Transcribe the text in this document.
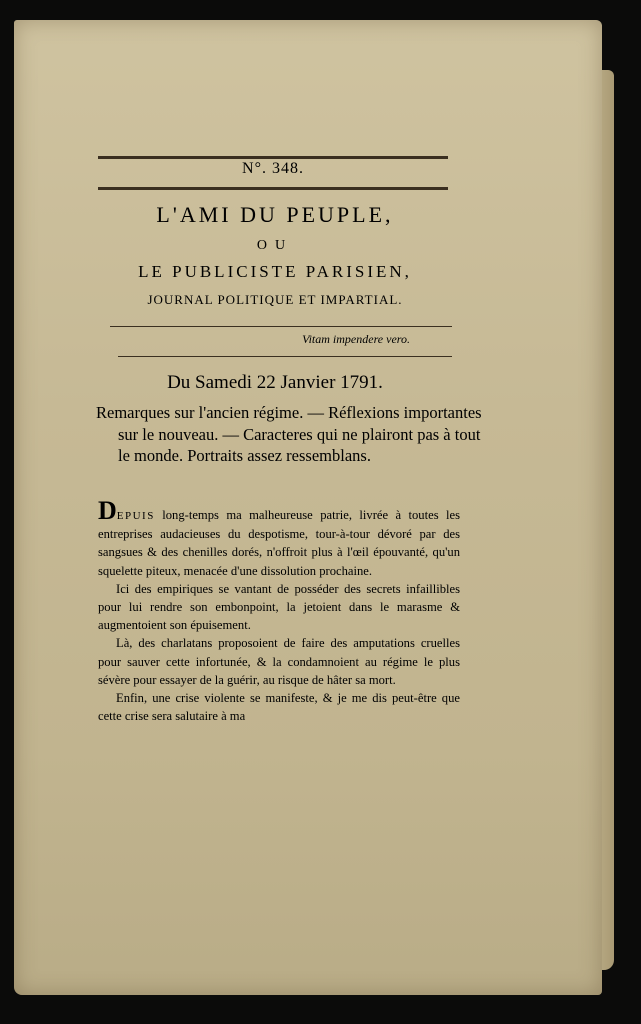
N°. 348.
L'AMI DU PEUPLE,
OU
LE PUBLICISTE PARISIEN,
JOURNAL POLITIQUE ET IMPARTIAL.
Vitam impendere vero.
Du Samedi 22 Janvier 1791.
Remarques sur l'ancien régime. — Réflexions importantes sur le nouveau. — Caracteres qui ne plairont pas à tout le monde. Portraits assez ressemblans.

DEPUIS long-temps ma malheureuse patrie, livrée à toutes les entreprises audacieuses du despotisme, tour-à-tour dévoré par des sangsues & des chenilles dorés, n'offroit plus à l'œil épouvanté, qu'un squelette piteux, menacée d'une dissolution prochaine.

Ici des empiriques se vantant de posséder des secrets infaillibles pour lui rendre son embonpoint, la jetoient dans le marasme & augmentoient son épuisement.

Là, des charlatans proposoient de faire des amputations cruelles pour sauver cette infortunée, & la condamnoient au régime le plus sévère pour essayer de la guérir, au risque de hâter sa mort.

Enfin, une crise violente se manifeste, & je me dis peut-être que cette crise sera salutaire à ma
